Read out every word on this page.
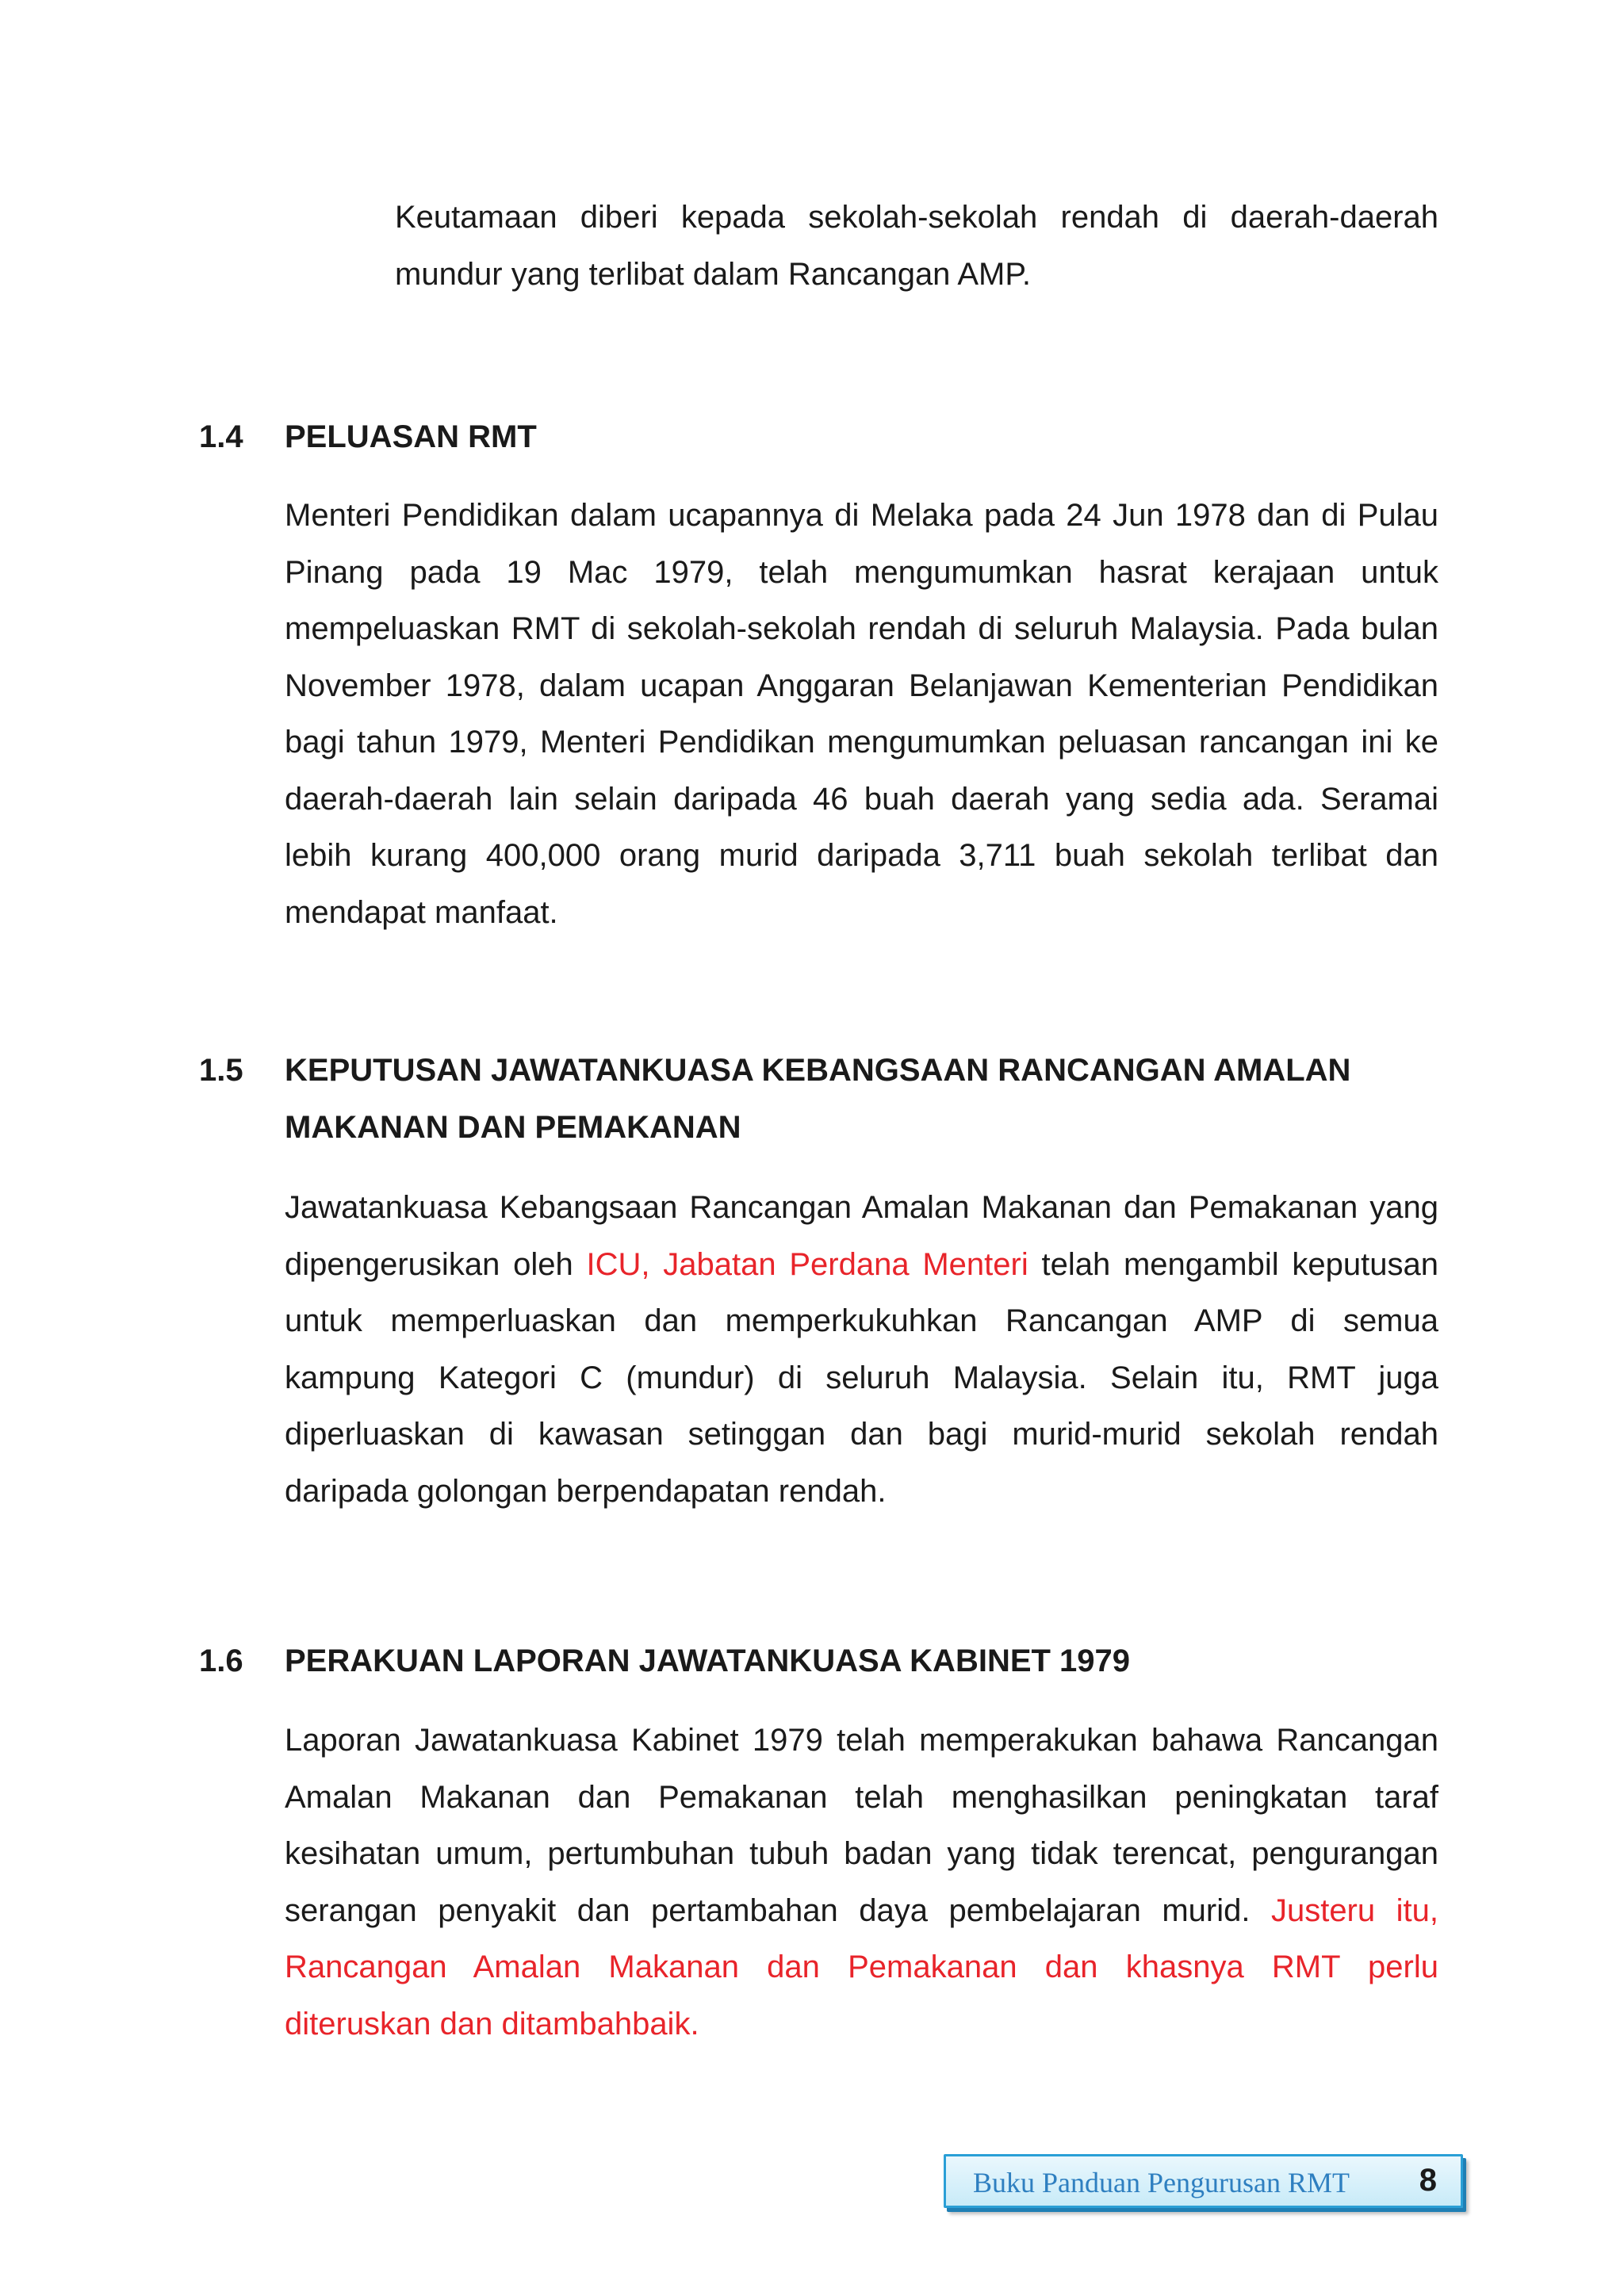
Keutamaan diberi kepada sekolah-sekolah rendah di daerah-daerah mundur yang terlibat dalam Rancangan AMP.

1.4 PELUASAN RMT

Menteri Pendidikan dalam ucapannya di Melaka pada 24 Jun 1978 dan di Pulau Pinang pada 19 Mac 1979, telah mengumumkan hasrat kerajaan untuk mempeluaskan RMT di sekolah-sekolah rendah di seluruh Malaysia. Pada bulan November 1978, dalam ucapan Anggaran Belanjawan Kementerian Pendidikan bagi tahun 1979, Menteri Pendidikan mengumumkan peluasan rancangan ini ke daerah-daerah lain selain daripada 46 buah daerah yang sedia ada. Seramai lebih kurang 400,000 orang murid daripada 3,711 buah sekolah terlibat dan mendapat manfaat.

1.5 KEPUTUSAN JAWATANKUASA KEBANGSAAN RANCANGAN AMALAN MAKANAN DAN PEMAKANAN

Jawatankuasa Kebangsaan Rancangan Amalan Makanan dan Pemakanan yang dipengerusikan oleh ICU, Jabatan Perdana Menteri telah mengambil keputusan untuk memperluaskan dan memperkukuhkan Rancangan AMP di semua kampung Kategori C (mundur) di seluruh Malaysia. Selain itu, RMT juga diperluaskan di kawasan setinggan dan bagi murid-murid sekolah rendah daripada golongan berpendapatan rendah.

1.6 PERAKUAN LAPORAN JAWATANKUASA KABINET 1979

Laporan Jawatankuasa Kabinet 1979 telah memperakukan bahawa Rancangan Amalan Makanan dan Pemakanan telah menghasilkan peningkatan taraf kesihatan umum, pertumbuhan tubuh badan yang tidak terencat, pengurangan serangan penyakit dan pertambahan daya pembelajaran murid. Justeru itu, Rancangan Amalan Makanan dan Pemakanan dan khasnya RMT perlu diteruskan dan ditambahbaik.

Buku Panduan Pengurusan RMT 8
